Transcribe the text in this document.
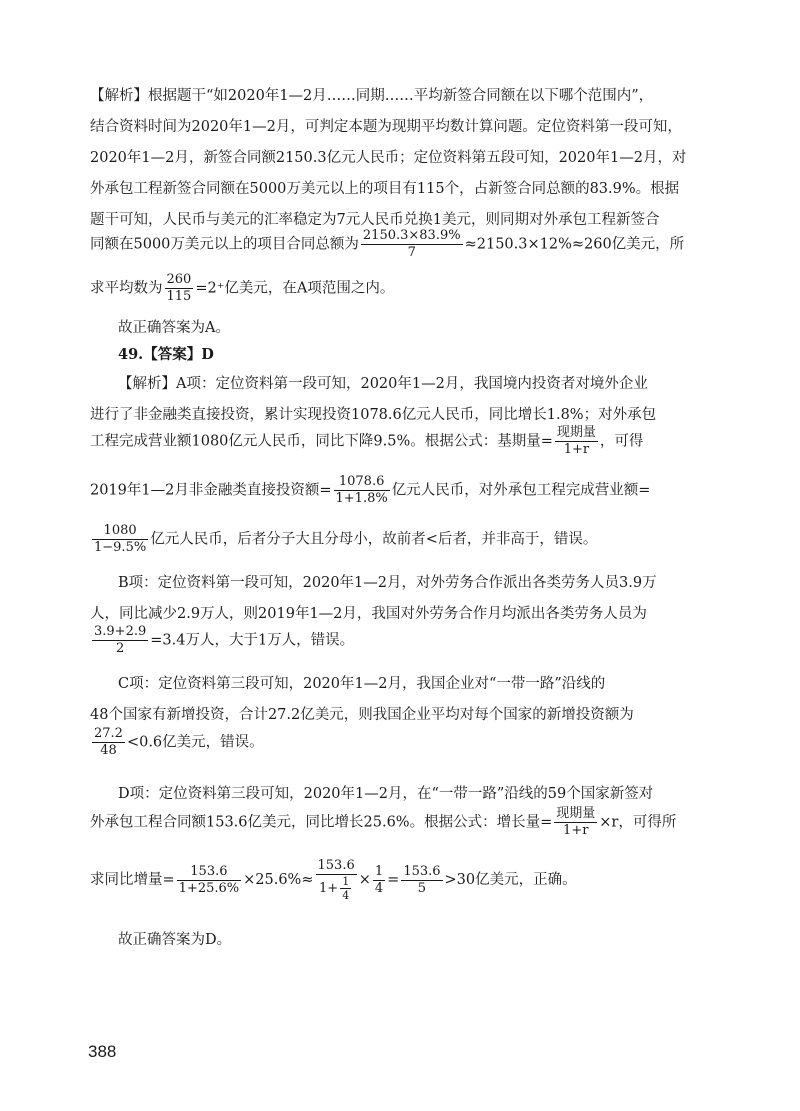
【解析】根据题干“如2020年1—2月……同期……平均新签合同额在以下哪个范围内”，
结合资料时间为2020年1—2月，可判定本题为现期平均数计算问题。定位资料第一段可知，
2020年1—2月，新签合同额2150.3亿元人民币；定位资料第五段可知，2020年1—2月，对
外承包工程新签合同额在5000万美元以上的项目有115个，占新签合同总额的83.9%。根据
题干可知，人民币与美元的汇率稳定为7元人民币兑换1美元，则同期对外承包工程新签合
同额在5000万美元以上的项目合同总额为 $\frac{2150.3\times 83.9\%}{7} \approx 2150.3\times 12\%\approx 260$亿美元，所
求平均数为 $\frac{260}{115} =2^+$亿美元，在A项范围之内。
故正确答案为A。
49.【答案】D
【解析】A项：定位资料第一段可知，2020年1—2月，我国境内投资者对境外企业
进行了非金融类直接投资，累计实现投资1078.6亿元人民币，同比增长1.8%；对外承包
工程完成营业额1080亿元人民币，同比下降9.5%。根据公式：基期量= $\frac{\text{现期量}}{1+r}$ ，可得
2019年1—2月非金融类直接投资额= $\frac{1078.6}{1+1.8\%}$ 亿元人民币，对外承包工程完成营业额=
$\frac{1080}{1-9.5\%}$ 亿元人民币，后者分子大且分母小，故前者<后者，并非高于，错误。
B项：定位资料第一段可知，2020年1—2月，对外劳务合作派出各类劳务人员3.9万
人，同比减少2.9万人，则2019年1—2月，我国对外劳务合作月均派出各类劳务人员为
$\frac{3.9+2.9}{2} =3.4$万人，大于1万人，错误。
C项：定位资料第三段可知，2020年1—2月，我国企业对“一带一路”沿线的
48个国家有新增投资，合计27.2亿美元，则我国企业平均对每个国家的新增投资额为
$\frac{27.2}{48} <0.6$亿美元，错误。
D项：定位资料第三段可知，2020年1—2月，在“一带一路”沿线的59个国家新签对
外承包工程合同额153.6亿美元，同比增长25.6%。根据公式：增长量= $\frac{\text{现期量}}{1+r} \times r$，可得所
求同比增量= $\frac{153.6}{1+25.6\%} \times 25.6\%\approx \frac{153.6}{1+ \frac{1}{4}} \times \frac{1}{4} = \frac{153.6}{5} >30$亿美元，正确。
故正确答案为D。
388
